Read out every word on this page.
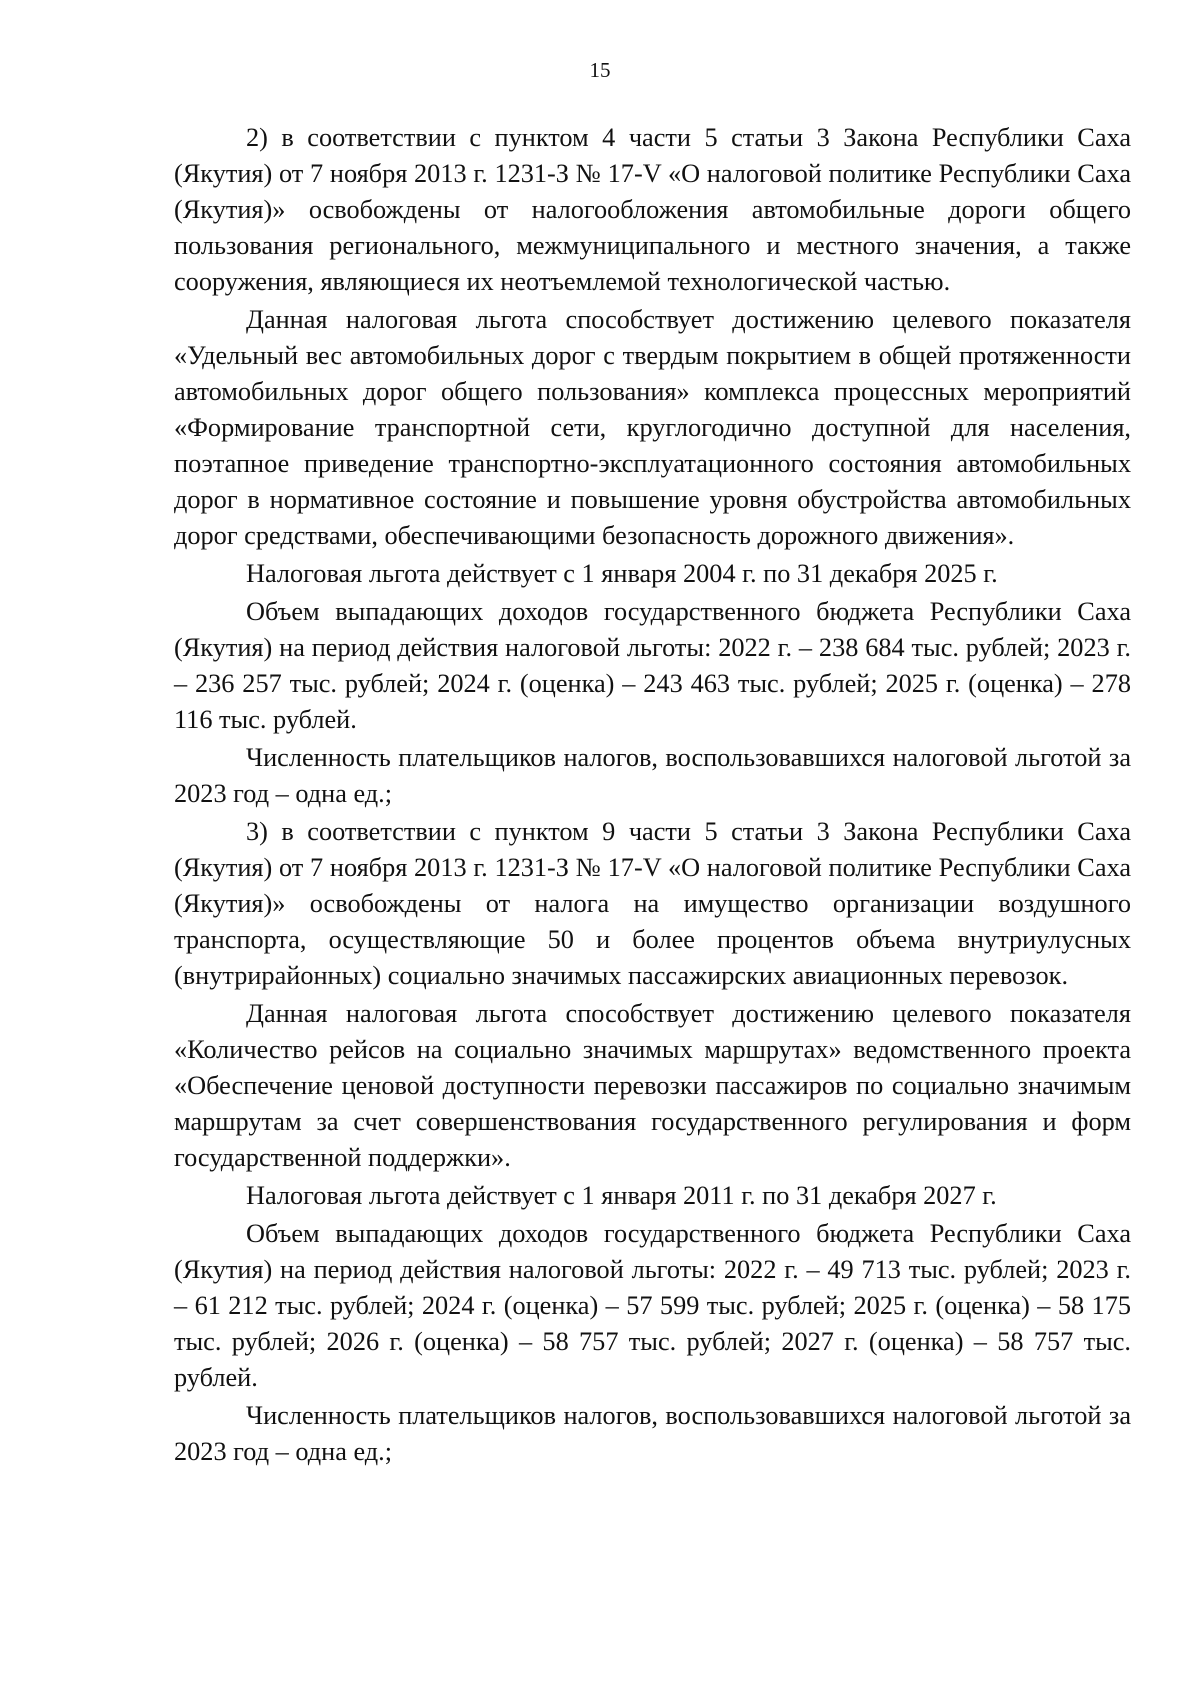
15

2) в соответствии с пунктом 4 части 5 статьи 3 Закона Республики Саха (Якутия) от 7 ноября 2013 г. 1231-З № 17-V «О налоговой политике Республики Саха (Якутия)» освобождены от налогообложения автомобильные дороги общего пользования регионального, межмуниципального и местного значения, а также сооружения, являющиеся их неотъемлемой технологической частью.

Данная налоговая льгота способствует достижению целевого показателя «Удельный вес автомобильных дорог с твердым покрытием в общей протяженности автомобильных дорог общего пользования» комплекса процессных мероприятий «Формирование транспортной сети, круглогодично доступной для населения, поэтапное приведение транспортно-эксплуатационного состояния автомобильных дорог в нормативное состояние и повышение уровня обустройства автомобильных дорог средствами, обеспечивающими безопасность дорожного движения».

Налоговая льгота действует с 1 января 2004 г. по 31 декабря 2025 г.

Объем выпадающих доходов государственного бюджета Республики Саха (Якутия) на период действия налоговой льготы: 2022 г. – 238 684 тыс. рублей; 2023 г. – 236 257 тыс. рублей; 2024 г. (оценка) – 243 463 тыс. рублей; 2025 г. (оценка) – 278 116 тыс. рублей.

Численность плательщиков налогов, воспользовавшихся налоговой льготой за 2023 год – одна ед.;

3) в соответствии с пунктом 9 части 5 статьи 3 Закона Республики Саха (Якутия) от 7 ноября 2013 г. 1231-З № 17-V «О налоговой политике Республики Саха (Якутия)» освобождены от налога на имущество организации воздушного транспорта, осуществляющие 50 и более процентов объема внутриулусных (внутрирайонных) социально значимых пассажирских авиационных перевозок.

Данная налоговая льгота способствует достижению целевого показателя «Количество рейсов на социально значимых маршрутах» ведомственного проекта «Обеспечение ценовой доступности перевозки пассажиров по социально значимым маршрутам за счет совершенствования государственного регулирования и форм государственной поддержки».

Налоговая льгота действует с 1 января 2011 г. по 31 декабря 2027 г.

Объем выпадающих доходов государственного бюджета Республики Саха (Якутия) на период действия налоговой льготы: 2022 г. – 49 713 тыс. рублей; 2023 г. – 61 212 тыс. рублей; 2024 г. (оценка) – 57 599 тыс. рублей; 2025 г. (оценка) – 58 175 тыс. рублей; 2026 г. (оценка) – 58 757 тыс. рублей; 2027 г. (оценка) – 58 757 тыс. рублей.

Численность плательщиков налогов, воспользовавшихся налоговой льготой за 2023 год – одна ед.;
